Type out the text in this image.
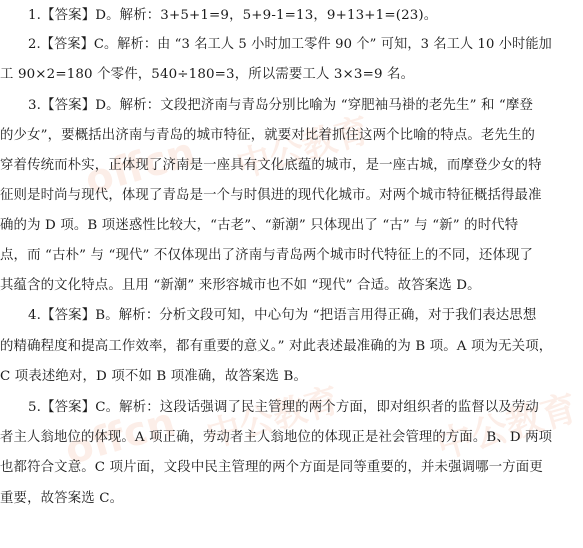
offcn 中公教育
offcn 中公教育 中公教育
1.【答案】D。解析：3+5+1=9，5+9-1=13，9+13+1=(23)。
2.【答案】C。解析：由 “3 名工人 5 小时加工零件 90 个” 可知，3 名工人 10 小时能加
工 90×2=180 个零件，540÷180=3，所以需要工人 3×3=9 名。
3.【答案】D。解析：文段把济南与青岛分别比喻为 “穿肥袖马褂的老先生” 和 “摩登
的少女”，要概括出济南与青岛的城市特征，就要对比着抓住这两个比喻的特点。老先生的
穿着传统而朴实，正体现了济南是一座具有文化底蕴的城市，是一座古城，而摩登少女的特
征则是时尚与现代，体现了青岛是一个与时俱进的现代化城市。对两个城市特征概括得最准
确的为 D 项。B 项迷惑性比较大，“古老”、“新潮” 只体现出了 “古” 与 “新” 的时代特
点，而 “古朴” 与 “现代” 不仅体现出了济南与青岛两个城市时代特征上的不同，还体现了
其蕴含的文化特点。且用 “新潮” 来形容城市也不如 “现代” 合适。故答案选 D。
4.【答案】B。解析：分析文段可知，中心句为 “把语言用得正确，对于我们表达思想
的精确程度和提高工作效率，都有重要的意义。” 对此表述最准确的为 B 项。A 项为无关项，
C 项表述绝对，D 项不如 B 项准确，故答案选 B。
5.【答案】C。解析：这段话强调了民主管理的两个方面，即对组织者的监督以及劳动
者主人翁地位的体现。A 项正确，劳动者主人翁地位的体现正是社会管理的方面。B、D 两项
也都符合文意。C 项片面，文段中民主管理的两个方面是同等重要的，并未强调哪一方面更
重要，故答案选 C。
